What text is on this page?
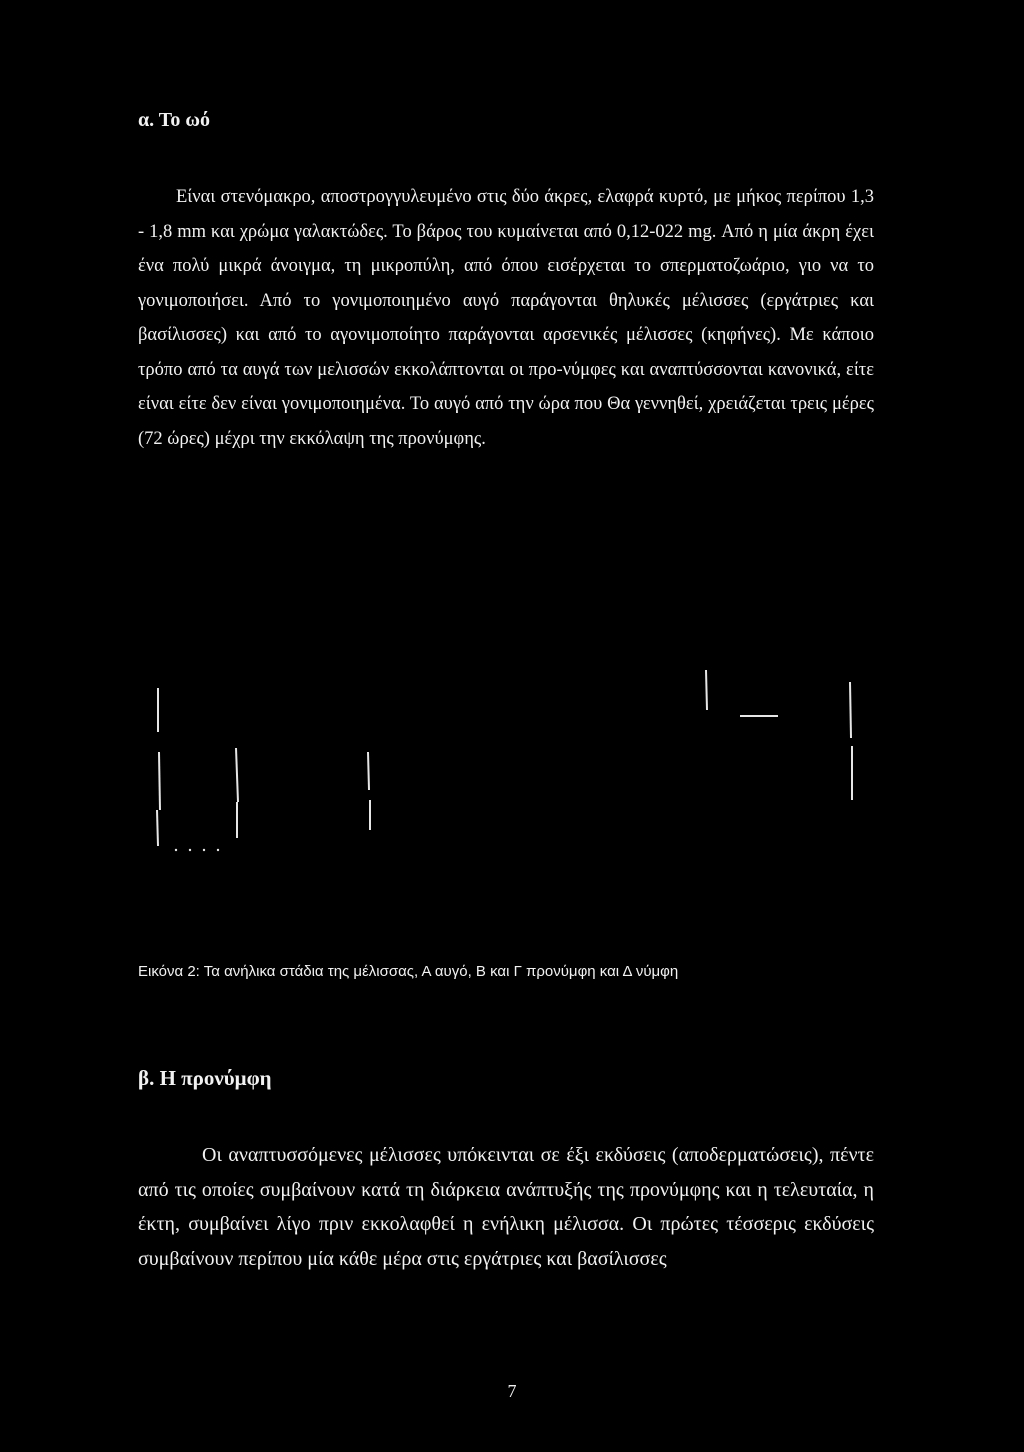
α. Το ωό

Είναι στενόμακρο, αποστρογγυλευμένο στις δύο άκρες, ελαφρά κυρτό, με μήκος περίπου 1,3 - 1,8 mm και χρώμα γαλακτώδες. Το βάρος του κυμαίνεται από 0,12-022 mg. Από η μία άκρη έχει ένα πολύ μικρά άνοιγμα, τη μικροπύλη, από όπου εισέρχεται το σπερματοζωάριο, γιο να το γονιμοποιήσει. Από το γονιμοποιημένο αυγό παράγονται θηλυκές μέλισσες (εργάτριες και βασίλισσες) και από το αγονιμοποίητο παράγονται αρσενικές μέλισσες (κηφήνες). Με κάποιο τρόπο από τα αυγά των μελισσών εκκολάπτονται οι προ-νύμφες και αναπτύσσονται κανονικά, είτε είναι είτε δεν είναι γονιμοποιημένα. Το αυγό από την ώρα που Θα γεννηθεί, χρειάζεται τρεις μέρες (72 ώρες) μέχρι την εκκόλαψη της προνύμφης.

Εικόνα 2: Τα ανήλικα στάδια της μέλισσας, Α αυγό, Β και Γ προνύμφη και Δ νύμφη

β. Η προνύμφη

Οι αναπτυσσόμενες μέλισσες υπόκεινται σε έξι εκδύσεις (αποδερματώσεις), πέντε από τις οποίες συμβαίνουν κατά τη διάρκεια ανάπτυξής της προνύμφης και η τελευταία, η έκτη, συμβαίνει λίγο πριν εκκολαφθεί η ενήλικη μέλισσα. Οι πρώτες τέσσερις εκδύσεις συμβαίνουν περίπου μία κάθε μέρα στις εργάτριες και βασίλισσες

7
